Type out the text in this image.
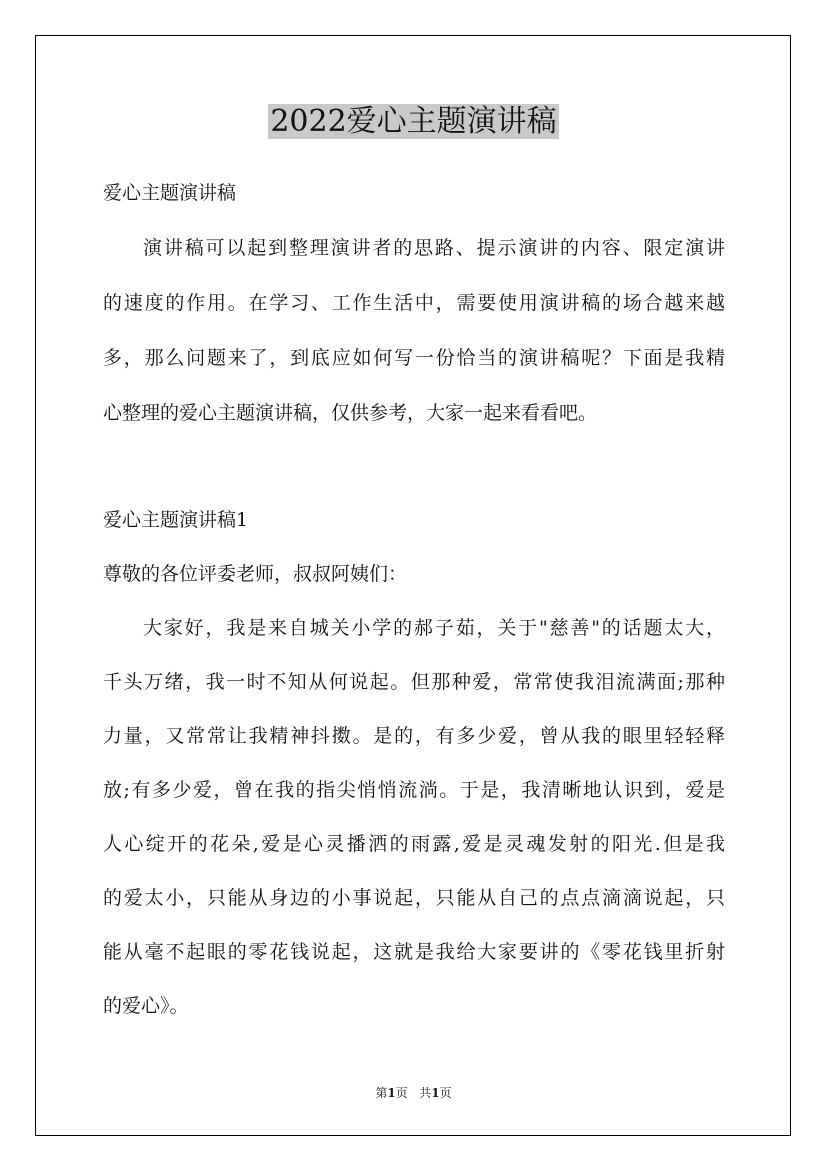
2022爱心主题演讲稿
爱心主题演讲稿
演讲稿可以起到整理演讲者的思路、提示演讲的内容、限定演讲
的速度的作用。在学习、工作生活中，需要使用演讲稿的场合越来越
多，那么问题来了，到底应如何写一份恰当的演讲稿呢？下面是我精
心整理的爱心主题演讲稿，仅供参考，大家一起来看看吧。
爱心主题演讲稿1
尊敬的各位评委老师，叔叔阿姨们：
大家好，我是来自城关小学的郝子茹，关于"慈善"的话题太大，
千头万绪，我一时不知从何说起。但那种爱，常常使我泪流满面;那种
力量，又常常让我精神抖擞。是的，有多少爱，曾从我的眼里轻轻释
放;有多少爱，曾在我的指尖悄悄流淌。于是，我清晰地认识到，爱是
人心绽开的花朵,爱是心灵播洒的雨露,爱是灵魂发射的阳光.但是我
的爱太小，只能从身边的小事说起，只能从自己的点点滴滴说起，只
能从毫不起眼的零花钱说起，这就是我给大家要讲的《零花钱里折射
的爱心》。
第1页 共1页
